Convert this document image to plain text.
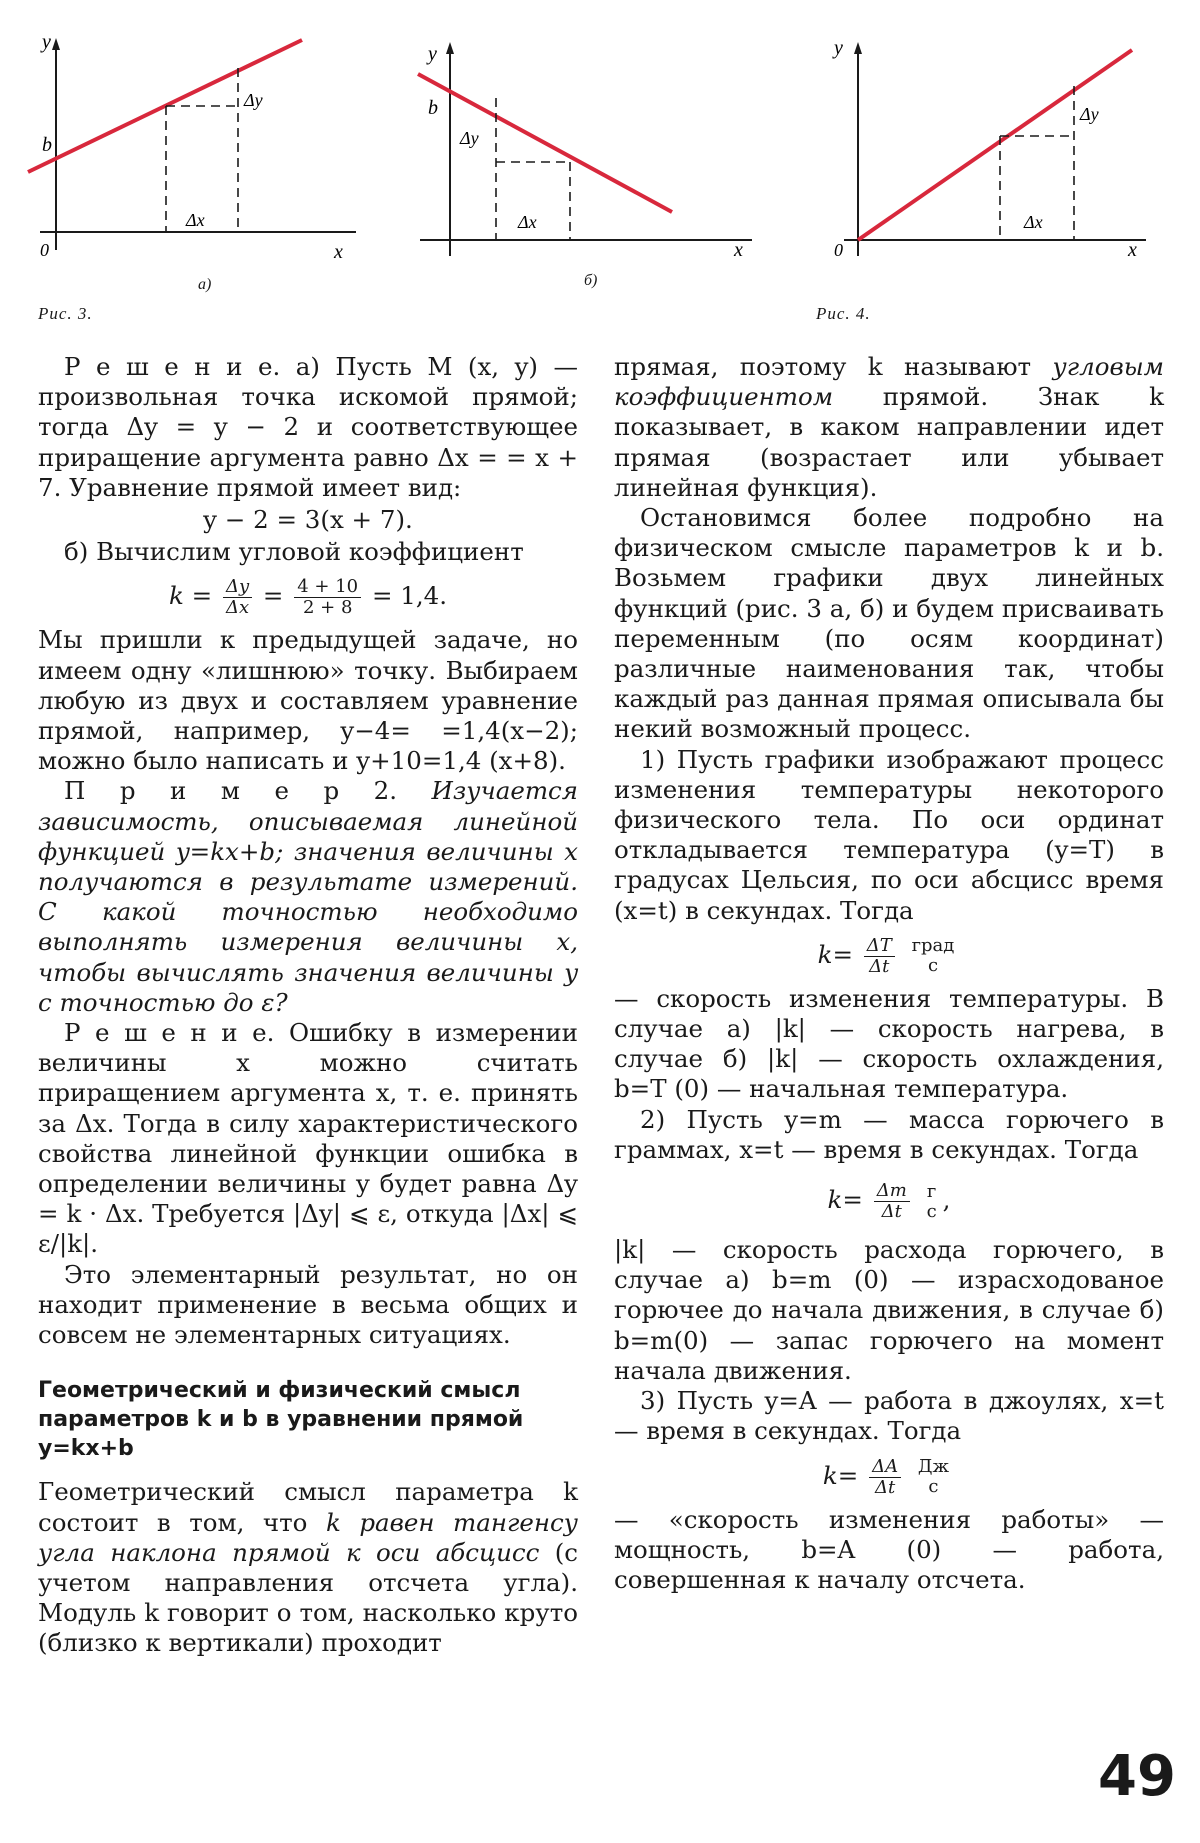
y
b
0	x
Δy
Δx
y
b
Δy
Δx
x
y
0
Δy
Δx
x
а)	б)
Рис. 3.	Рис. 4.

Р е ш е н и е. а) Пусть M (x, y) — произвольная точка искомой прямой; тогда Δy = y − 2 и соответствующее приращение аргумента равно Δx = = x + 7. Уравнение прямой имеет вид:

y − 2 = 3(x + 7).

б) Вычислим угловой коэффициент

$k = \frac{\Delta y}{\Delta x} = \frac{4 + 10}{2 + 8} = 1,4$.

Мы пришли к предыдущей задаче, но имеем одну «лишнюю» точку. Выбираем любую из двух и составляем уравнение прямой, например, y−4= =1,4(x−2); можно было написать и y+10=1,4 (x+8).

П р и м е р 2. Изучается зависимость, описываемая линейной функцией y=kx+b; значения величины x получаются в результате измерений. С какой точностью необходимо выполнять измерения величины x, чтобы вычислять значения величины y с точностью до ε?

Р е ш е н и е. Ошибку в измерении величины x можно считать приращением аргумента x, т. е. принять за Δx. Тогда в силу характеристического свойства линейной функции ошибка в определении величины y будет равна Δy = k · Δx. Требуется |Δy| ⩽ ε, откуда |Δx| ⩽ ε/|k|.

Это элементарный результат, но он находит применение в весьма общих и совсем не элементарных ситуациях.

Геометрический и физический смысл параметров k и b в уравнении прямой y=kx+b

Геометрический смысл параметра k состоит в том, что k равен тангенсу угла наклона прямой к оси абсцисс (с учетом направления отсчета угла). Модуль k говорит о том, насколько круто (близко к вертикали) проходит

прямая, поэтому k называют угловым коэффициентом прямой. Знак k показывает, в каком направлении идет прямая (возрастает или убывает линейная функция).

Остановимся более подробно на физическом смысле параметров k и b. Возьмем графики двух линейных функций (рис. 3 а, б) и будем присваивать переменным (по осям координат) различные наименования так, чтобы каждый раз данная прямая описывала бы некий возможный процесс.

1) Пусть графики изображают процесс изменения температуры некоторого физического тела. По оси ординат откладывается температура (y=T) в градусах Цельсия, по оси абсцисс время (x=t) в секундах. Тогда

$k= \frac{\Delta T}{\Delta t}$
град
с

— скорость изменения температуры. В случае а) |k| — скорость нагрева, в случае б) |k| — скорость охлаждения, b=T (0) — начальная температура.

2) Пусть y=m — масса горючего в граммах, x=t — время в секундах. Тогда

$k= \frac{\Delta m}{\Delta t}$
г
с ,

|k| — скорость расхода горючего, в случае а) b=m (0) — израсходованое горючее до начала движения, в случае б) b=m(0) — запас горючего на момент начала движения.

3) Пусть y=A — работа в джоулях, x=t — время в секундах. Тогда

$k= \frac{\Delta A}{\Delta t}$
Дж
с

— «скорость изменения работы» — мощность, b=A (0) — работа, совершенная к началу отсчета.

49
